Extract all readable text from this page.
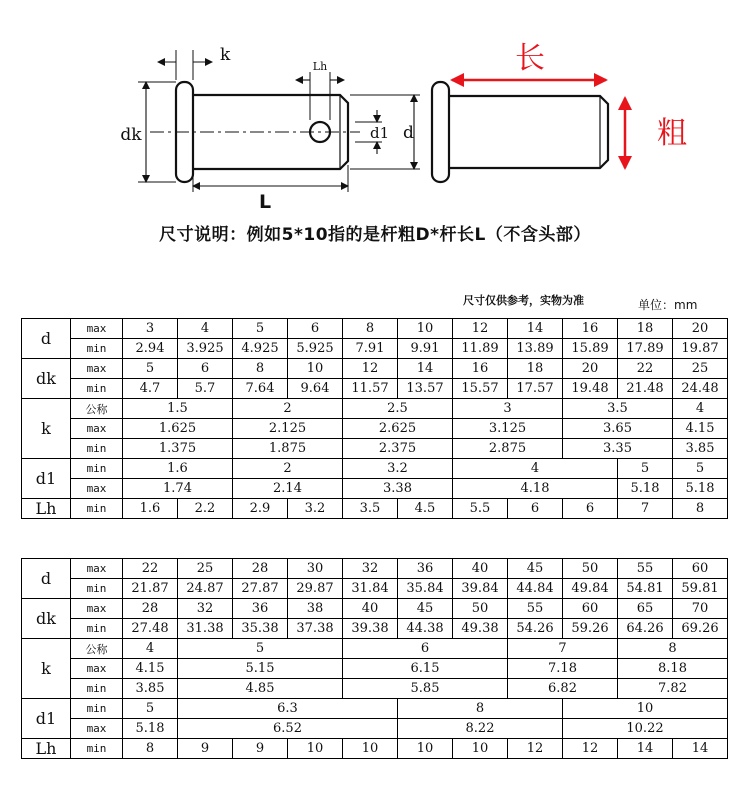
k
Lh
dk	d1 d
L
长
粗
尺寸说明：例如5*10指的是杆粗D*杆长L（不含头部）
尺寸仅供参考，实物为准	单位：mm
d	max	3	4	5	6	8	10	12	14	16	18	20
	min	2.94	3.925	4.925	5.925	7.91	9.91	11.89	13.89	15.89	17.89	19.87
dk	max	5	6	8	10	12	14	16	18	20	22	25
	min	4.7	5.7	7.64	9.64	11.57	13.57	15.57	17.57	19.48	21.48	24.48
k	公称	1.5		2		2.5		3		3.5		4
	max	1.625		2.125		2.625		3.125		3.65		4.15
	min	1.375		1.875		2.375		2.875		3.35		3.85
d1	min	1.6		2		3.2		4			5	5
	max	1.74		2.14		3.38		4.18			5.18	5.18
Lh	min	1.6	2.2	2.9	3.2	3.5	4.5	5.5	6	6	7	8
d	max	22	25	28	30	32	36	40	45	50	55	60
	min	21.87	24.87	27.87	29.87	31.84	35.84	39.84	44.84	49.84	54.81	59.81
dk	max	28	32	36	38	40	45	50	55	60	65	70
	min	27.48	31.38	35.38	37.38	39.38	44.38	49.38	54.26	59.26	64.26	69.26
k	公称	4	5			6			7		8	
	max	4.15	5.15			6.15			7.18		8.18	
	min	3.85	4.85			5.85			6.82		7.82	
d1	min	5	6.3				8			10		
	max	5.18	6.52				8.22			10.22		
Lh	min	8	9	9	10	10	10	10	12	12	14	14
